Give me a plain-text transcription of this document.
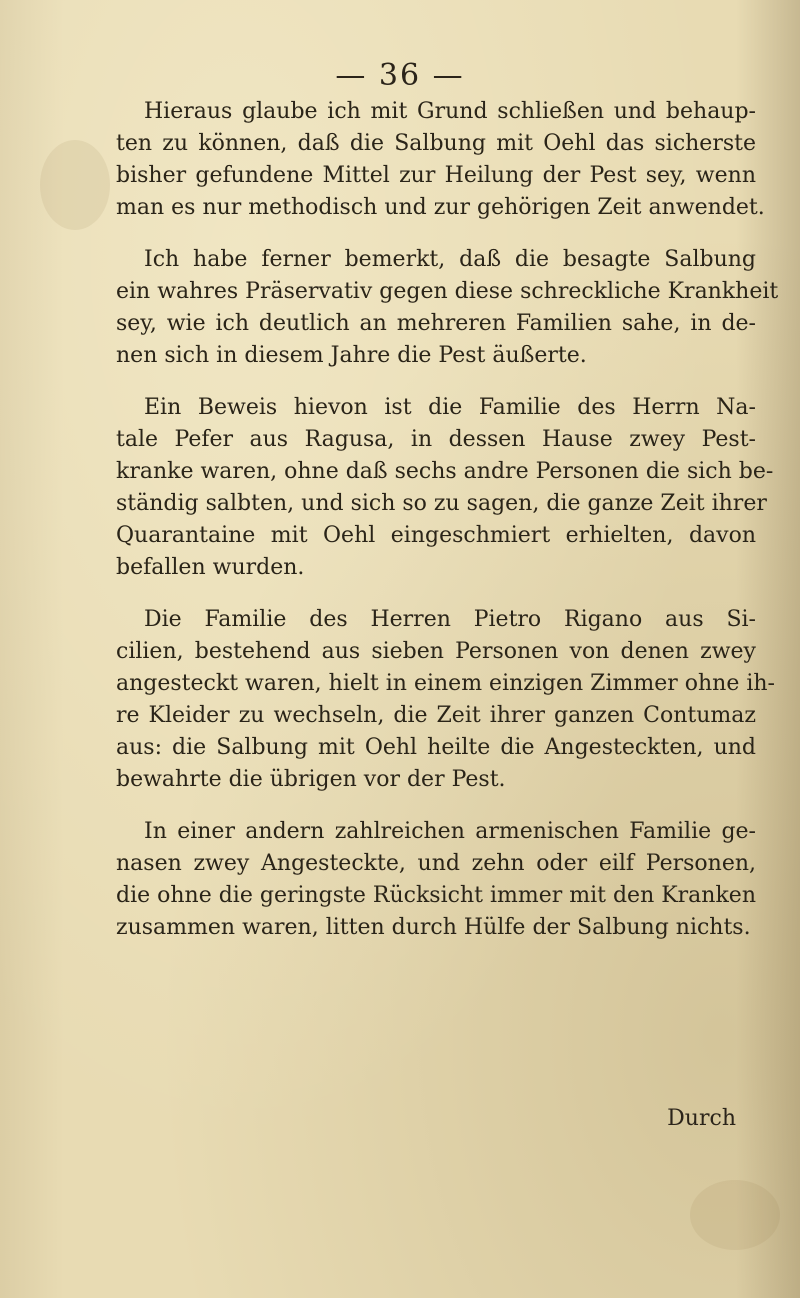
— 36 —
Hieraus glaube ich mit Grund schließen und behaup-
ten zu können, daß die Salbung mit Oehl das sicherste
bisher gefundene Mittel zur Heilung der Pest sey, wenn
man es nur methodisch und zur gehörigen Zeit anwendet.
Ich habe ferner bemerkt, daß die besagte Salbung
ein wahres Präservativ gegen diese schreckliche Krankheit
sey, wie ich deutlich an mehreren Familien sahe, in de-
nen sich in diesem Jahre die Pest äußerte.
Ein Beweis hievon ist die Familie des Herrn Na-
tale Pefer aus Ragusa, in dessen Hause zwey Pest-
kranke waren, ohne daß sechs andre Personen die sich be-
ständig salbten, und sich so zu sagen, die ganze Zeit ihrer
Quarantaine mit Oehl eingeschmiert erhielten, davon
befallen wurden.
Die Familie des Herren Pietro Rigano aus Si-
cilien, bestehend aus sieben Personen von denen zwey
angesteckt waren, hielt in einem einzigen Zimmer ohne ih-
re Kleider zu wechseln, die Zeit ihrer ganzen Contumaz
aus: die Salbung mit Oehl heilte die Angesteckten, und
bewahrte die übrigen vor der Pest.
In einer andern zahlreichen armenischen Familie ge-
nasen zwey Angesteckte, und zehn oder eilf Personen,
die ohne die geringste Rücksicht immer mit den Kranken
zusammen waren, litten durch Hülfe der Salbung nichts.
Durch
